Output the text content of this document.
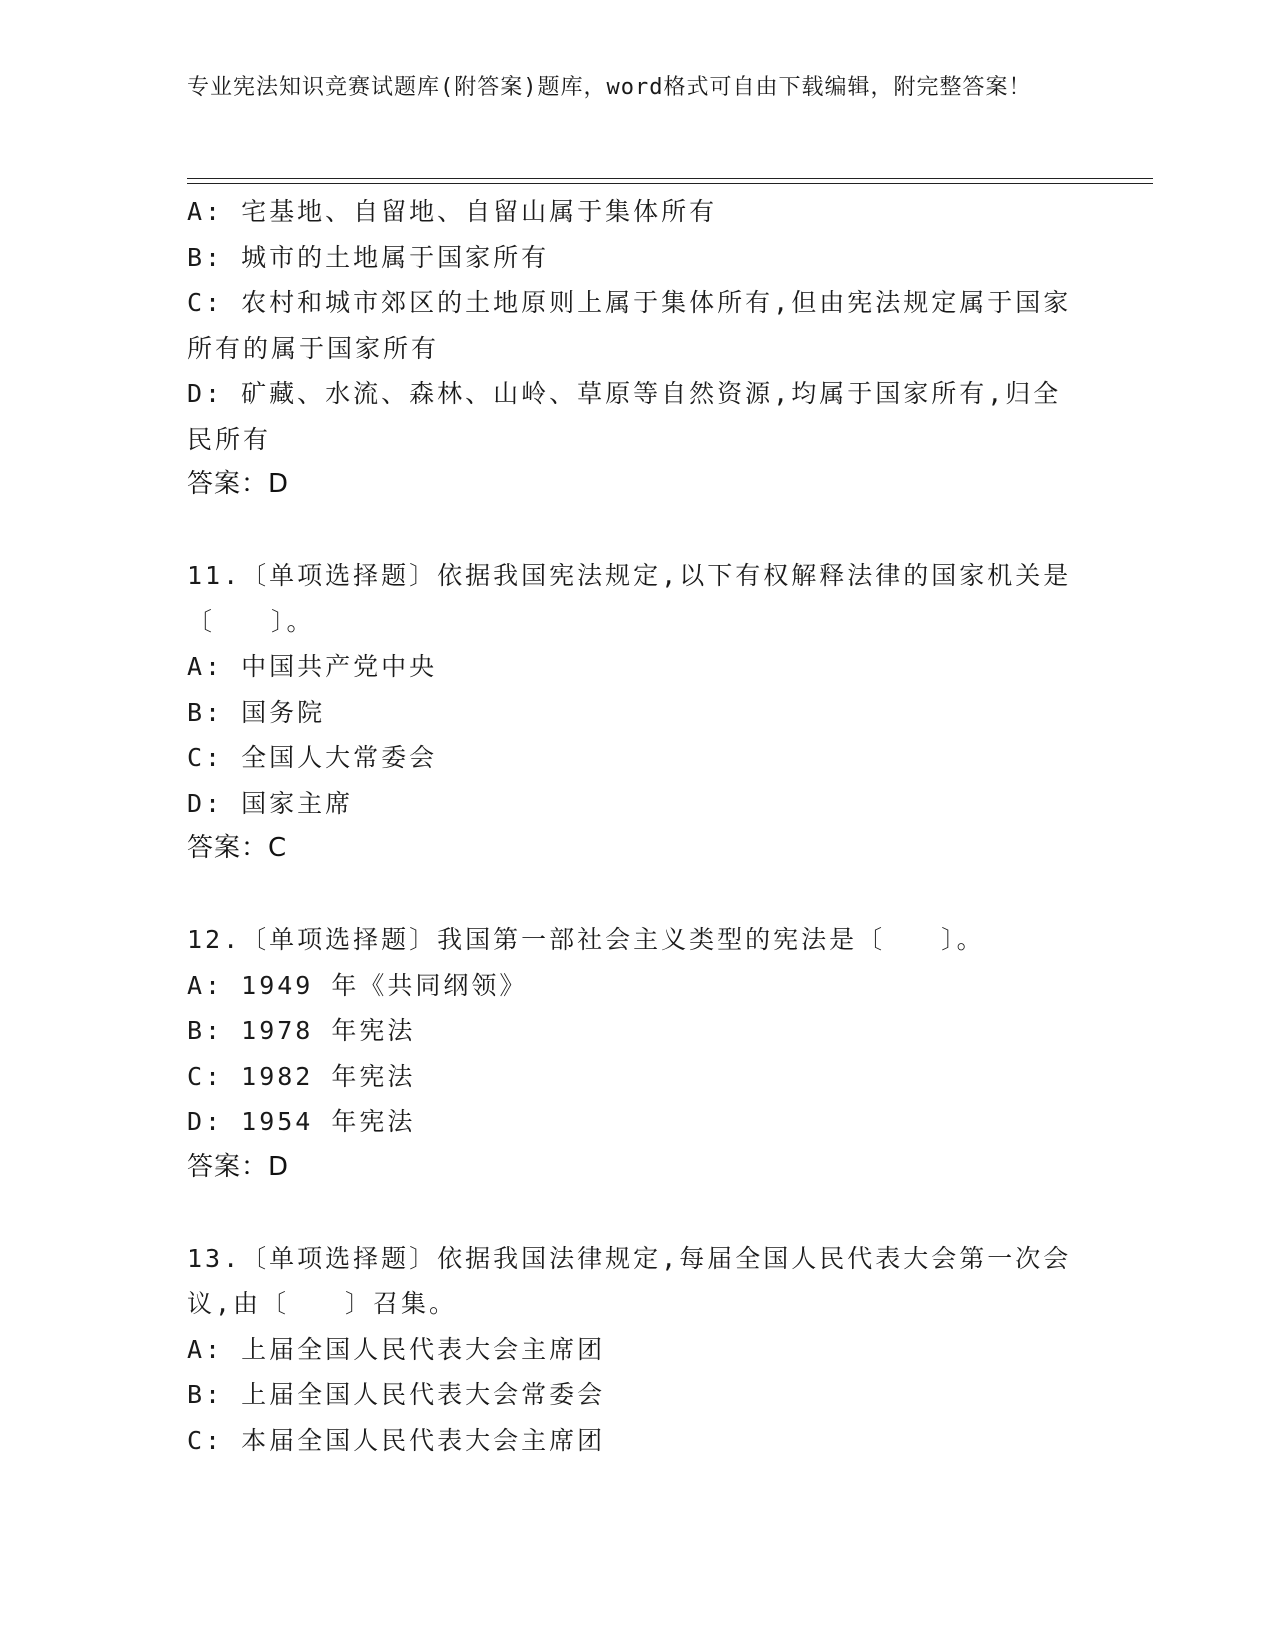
专业宪法知识竞赛试题库(附答案)题库，word格式可自由下载编辑，附完整答案！
A: 宅基地、自留地、自留山属于集体所有
B: 城市的土地属于国家所有
C: 农村和城市郊区的土地原则上属于集体所有,但由宪法规定属于国家所有的属于国家所有
D: 矿藏、水流、森林、山岭、草原等自然资源,均属于国家所有,归全民所有
答案：D
11.〔单项选择题〕依据我国宪法规定,以下有权解释法律的国家机关是〔　　〕。
A: 中国共产党中央
B: 国务院
C: 全国人大常委会
D: 国家主席
答案：C
12.〔单项选择题〕我国第一部社会主义类型的宪法是〔　　〕。
A: 1949 年《共同纲领》
B: 1978 年宪法
C: 1982 年宪法
D: 1954 年宪法
答案：D
13.〔单项选择题〕依据我国法律规定,每届全国人民代表大会第一次会议,由〔　　〕召集。
A: 上届全国人民代表大会主席团
B: 上届全国人民代表大会常委会
C: 本届全国人民代表大会主席团
